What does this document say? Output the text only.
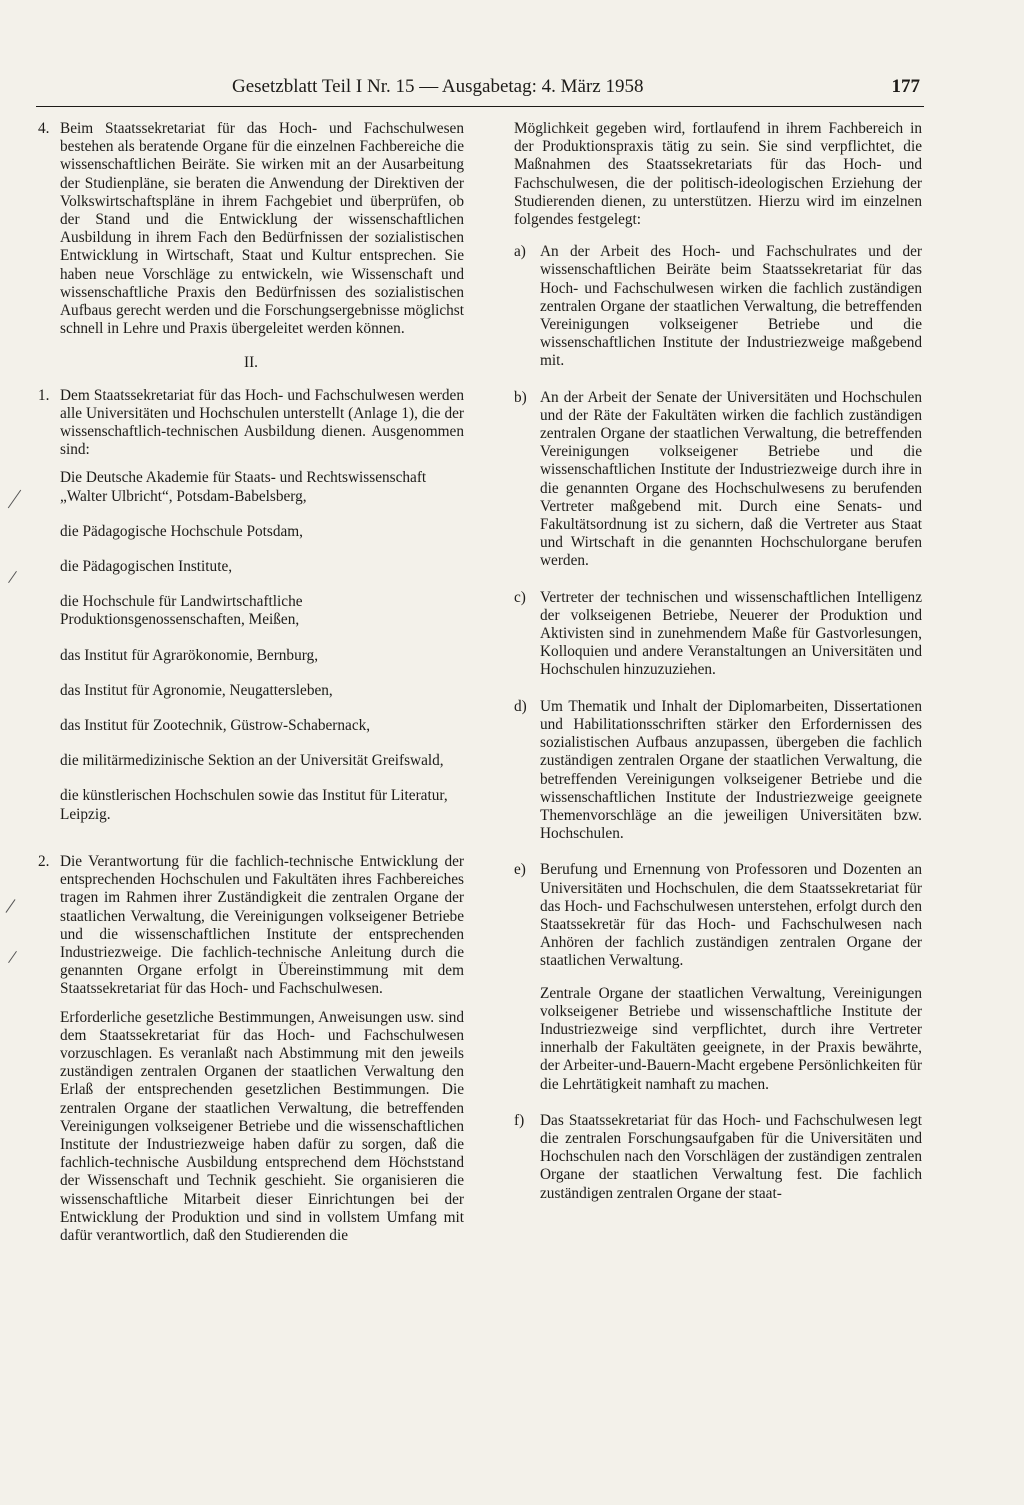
Gesetzblatt Teil I Nr. 15 — Ausgabetag: 4. März 1958	177
4. Beim Staatssekretariat für das Hoch- und Fachschulwesen bestehen als beratende Organe für die einzelnen Fachbereiche die wissenschaftlichen Beiräte. Sie wirken mit an der Ausarbeitung der Studienpläne, sie beraten die Anwendung der Direktiven der Volkswirtschaftspläne in ihrem Fachgebiet und überprüfen, ob der Stand und die Entwicklung der wissenschaftlichen Ausbildung in ihrem Fach den Bedürfnissen der sozialistischen Entwicklung in Wirtschaft, Staat und Kultur entsprechen. Sie haben neue Vorschläge zu entwickeln, wie Wissenschaft und wissenschaftliche Praxis den Bedürfnissen des sozialistischen Aufbaus gerecht werden und die Forschungsergebnisse möglichst schnell in Lehre und Praxis übergeleitet werden können.

II.
1. Dem Staatssekretariat für das Hoch- und Fachschulwesen werden alle Universitäten und Hochschulen unterstellt (Anlage 1), die der wissenschaftlich-technischen Ausbildung dienen. Ausgenommen sind:

Die Deutsche Akademie für Staats- und Rechtswissenschaft „Walter Ulbricht“, Potsdam-Babelsberg,
die Pädagogische Hochschule Potsdam,
die Pädagogischen Institute,
die Hochschule für Landwirtschaftliche Produktionsgenossenschaften, Meißen,
das Institut für Agrarökonomie, Bernburg,
das Institut für Agronomie, Neugattersleben,
das Institut für Zootechnik, Güstrow-Schabernack,
die militärmedizinische Sektion an der Universität Greifswald,
die künstlerischen Hochschulen sowie das Institut für Literatur, Leipzig.
2. Die Verantwortung für die fachlich-technische Entwicklung der entsprechenden Hochschulen und Fakultäten ihres Fachbereiches tragen im Rahmen ihrer Zuständigkeit die zentralen Organe der staatlichen Verwaltung, die Vereinigungen volkseigener Betriebe und die wissenschaftlichen Institute der entsprechenden Industriezweige. Die fachlich-technische Anleitung durch die genannten Organe erfolgt in Übereinstimmung mit dem Staatssekretariat für das Hoch- und Fachschulwesen.

Erforderliche gesetzliche Bestimmungen, Anweisungen usw. sind dem Staatssekretariat für das Hoch- und Fachschulwesen vorzuschlagen. Es veranlaßt nach Abstimmung mit den jeweils zuständigen zentralen Organen der staatlichen Verwaltung den Erlaß der entsprechenden gesetzlichen Bestimmungen. Die zentralen Organe der staatlichen Verwaltung, die betreffenden Vereinigungen volkseigener Betriebe und die wissenschaftlichen Institute der Industriezweige haben dafür zu sorgen, daß die fachlich-technische Ausbildung entsprechend dem Höchststand der Wissenschaft und Technik geschieht. Sie organisieren die wissenschaftliche Mitarbeit dieser Einrichtungen bei der Entwicklung der Produktion und sind in vollstem Umfang mit dafür verantwortlich, daß den Studierenden die

Möglichkeit gegeben wird, fortlaufend in ihrem Fachbereich in der Produktionspraxis tätig zu sein. Sie sind verpflichtet, die Maßnahmen des Staatssekretariats für das Hoch- und Fachschulwesen, die der politisch-ideologischen Erziehung der Studierenden dienen, zu unterstützen. Hierzu wird im einzelnen folgendes festgelegt:

a) An der Arbeit des Hoch- und Fachschulrates und der wissenschaftlichen Beiräte beim Staatssekretariat für das Hoch- und Fachschulwesen wirken die fachlich zuständigen zentralen Organe der staatlichen Verwaltung, die betreffenden Vereinigungen volkseigener Betriebe und die wissenschaftlichen Institute der Industriezweige maßgebend mit.

b) An der Arbeit der Senate der Universitäten und Hochschulen und der Räte der Fakultäten wirken die fachlich zuständigen zentralen Organe der staatlichen Verwaltung, die betreffenden Vereinigungen volkseigener Betriebe und die wissenschaftlichen Institute der Industriezweige durch ihre in die genannten Organe des Hochschulwesens zu berufenden Vertreter maßgebend mit. Durch eine Senats- und Fakultätsordnung ist zu sichern, daß die Vertreter aus Staat und Wirtschaft in die genannten Hochschulorgane berufen werden.

c) Vertreter der technischen und wissenschaftlichen Intelligenz der volkseigenen Betriebe, Neuerer der Produktion und Aktivisten sind in zunehmendem Maße für Gastvorlesungen, Kolloquien und andere Veranstaltungen an Universitäten und Hochschulen hinzuzuziehen.

d) Um Thematik und Inhalt der Diplomarbeiten, Dissertationen und Habilitationsschriften stärker den Erfordernissen des sozialistischen Aufbaus anzupassen, übergeben die fachlich zuständigen zentralen Organe der staatlichen Verwaltung, die betreffenden Vereinigungen volkseigener Betriebe und die wissenschaftlichen Institute der Industriezweige geeignete Themenvorschläge an die jeweiligen Universitäten bzw. Hochschulen.

e) Berufung und Ernennung von Professoren und Dozenten an Universitäten und Hochschulen, die dem Staatssekretariat für das Hoch- und Fachschulwesen unterstehen, erfolgt durch den Staatssekretär für das Hoch- und Fachschulwesen nach Anhören der fachlich zuständigen zentralen Organe der staatlichen Verwaltung.

Zentrale Organe der staatlichen Verwaltung, Vereinigungen volkseigener Betriebe und wissenschaftliche Institute der Industriezweige sind verpflichtet, durch ihre Vertreter innerhalb der Fakultäten geeignete, in der Praxis bewährte, der Arbeiter-und-Bauern-Macht ergebene Persönlichkeiten für die Lehrtätigkeit namhaft zu machen.

f)	Das Staatssekretariat für das Hoch- und Fachschulwesen legt die zentralen Forschungsaufgaben für die Universitäten und Hochschulen nach den Vorschlägen der zuständigen zentralen Organe der staatlichen Verwaltung fest. Die fachlich zuständigen zentralen Organe der staat-
